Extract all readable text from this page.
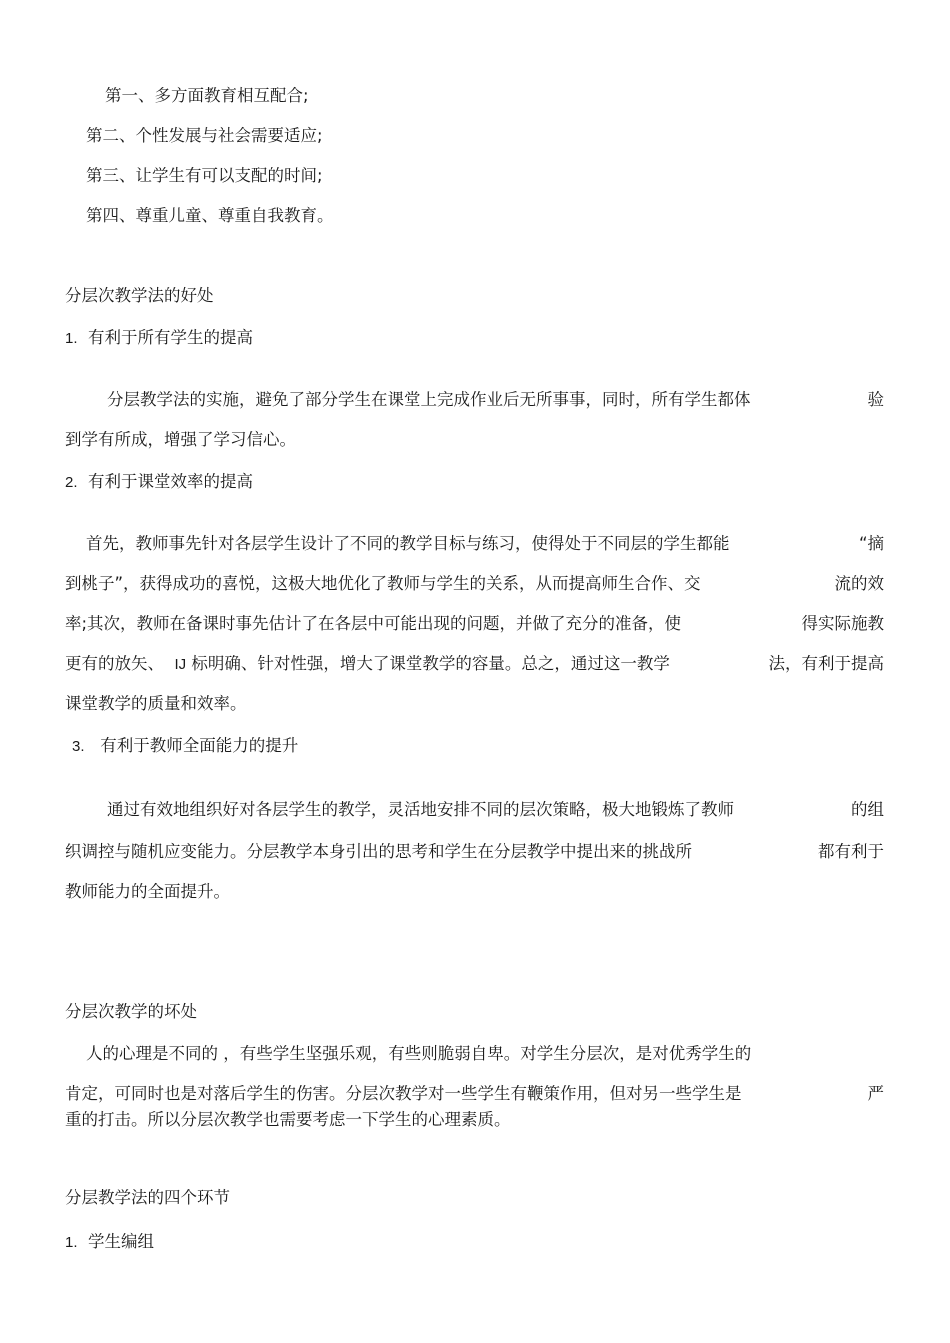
第一、多方面教育相互配合;
第二、个性发展与社会需要适应;
第三、让学生有可以支配的时间;
第四、尊重儿童、尊重自我教育。
分层次教学法的好处
1. 有利于所有学生的提高
分层教学法的实施，避免了部分学生在课堂上完成作业后无所事事，同时，所有学生都体	验
到学有所成，增强了学习信心。
2. 有利于课堂效率的提高
首先，教师事先针对各层学生设计了不同的教学目标与练习，使得处于不同层的学生都能	“摘
到桃子”，获得成功的喜悦，这极大地优化了教师与学生的关系，从而提高师生合作、交	流的效
率;其次，教师在备课时事先估计了在各层中可能出现的问题，并做了充分的准备，使	得实际施教
更有的放矢、 IJ 标明确、针对性强，增大了课堂教学的容量。总之，通过这一教学	法，有利于提高
课堂教学的质量和效率。
3. 有利于教师全面能力的提升
通过有效地组织好对各层学生的教学，灵活地安排不同的层次策略，极大地锻炼了教师	的组
织调控与随机应变能力。分层教学本身引出的思考和学生在分层教学中提出来的挑战所	都有利于
教师能力的全面提升。
分层次教学的坏处
人的心理是不同的 ，有些学生坚强乐观，有些则脆弱自卑。对学生分层次，是对优秀学生的
肯定，可同时也是对落后学生的伤害。分层次教学对一些学生有鞭策作用，但对另一些学生是	严
重的打击。所以分层次教学也需要考虑一下学生的心理素质。
分层教学法的四个环节
1. 学生编组
